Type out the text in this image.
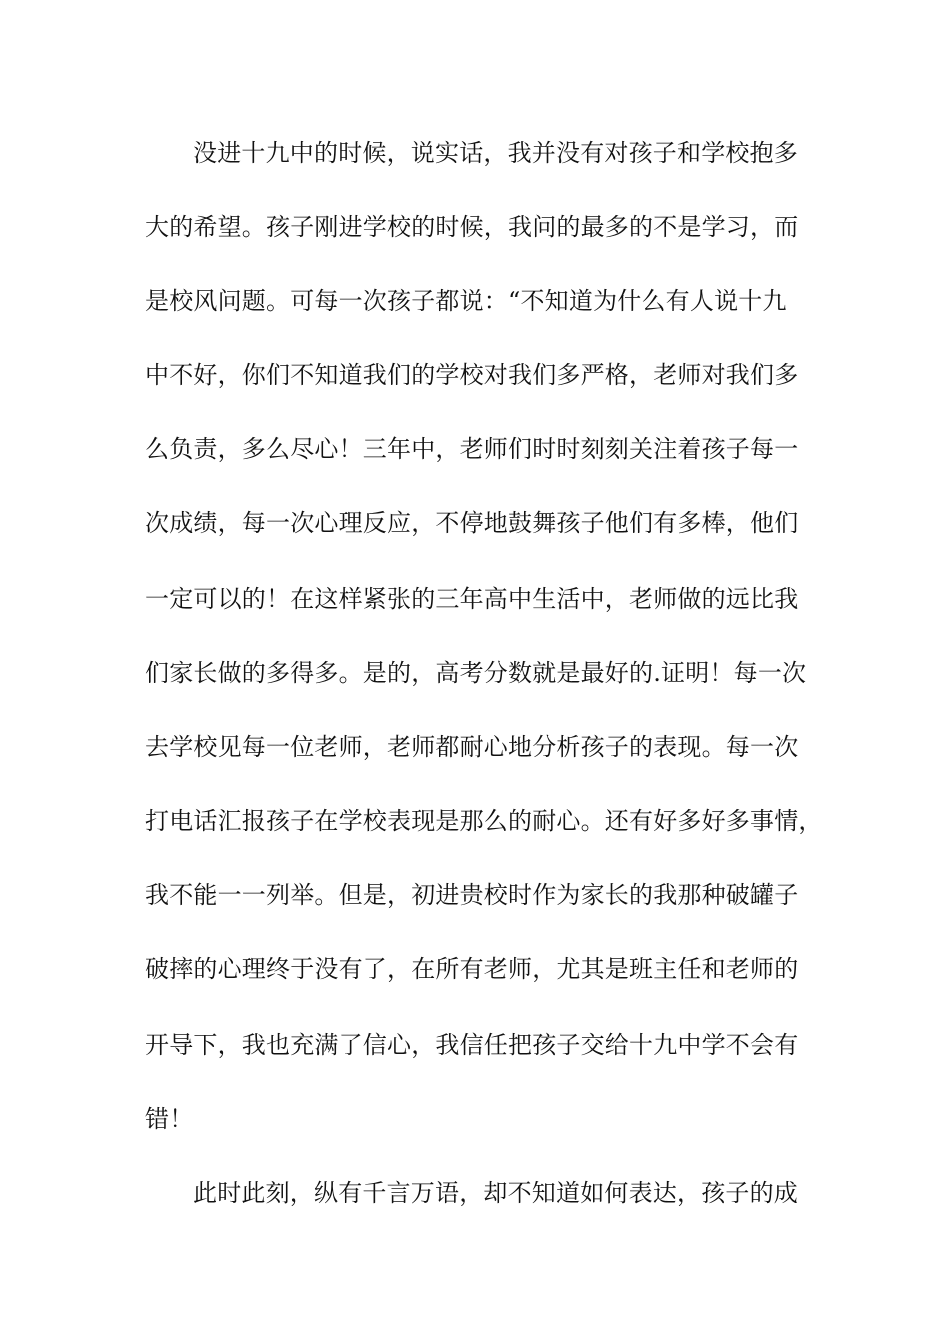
没进十九中的时候，说实话，我并没有对孩子和学校抱多
大的希望。孩子刚进学校的时候，我问的最多的不是学习，而
是校风问题。可每一次孩子都说：“不知道为什么有人说十九
中不好，你们不知道我们的学校对我们多严格，老师对我们多
么负责，多么尽心！三年中，老师们时时刻刻关注着孩子每一
次成绩，每一次心理反应，不停地鼓舞孩子他们有多棒，他们
一定可以的！在这样紧张的三年高中生活中，老师做的远比我
们家长做的多得多。是的，高考分数就是最好的.证明！每一次
去学校见每一位老师，老师都耐心地分析孩子的表现。每一次
打电话汇报孩子在学校表现是那么的耐心。还有好多好多事情，
我不能一一列举。但是，初进贵校时作为家长的我那种破罐子
破摔的心理终于没有了，在所有老师，尤其是班主任和老师的
开导下，我也充满了信心，我信任把孩子交给十九中学不会有
错！
此时此刻，纵有千言万语，却不知道如何表达，孩子的成
